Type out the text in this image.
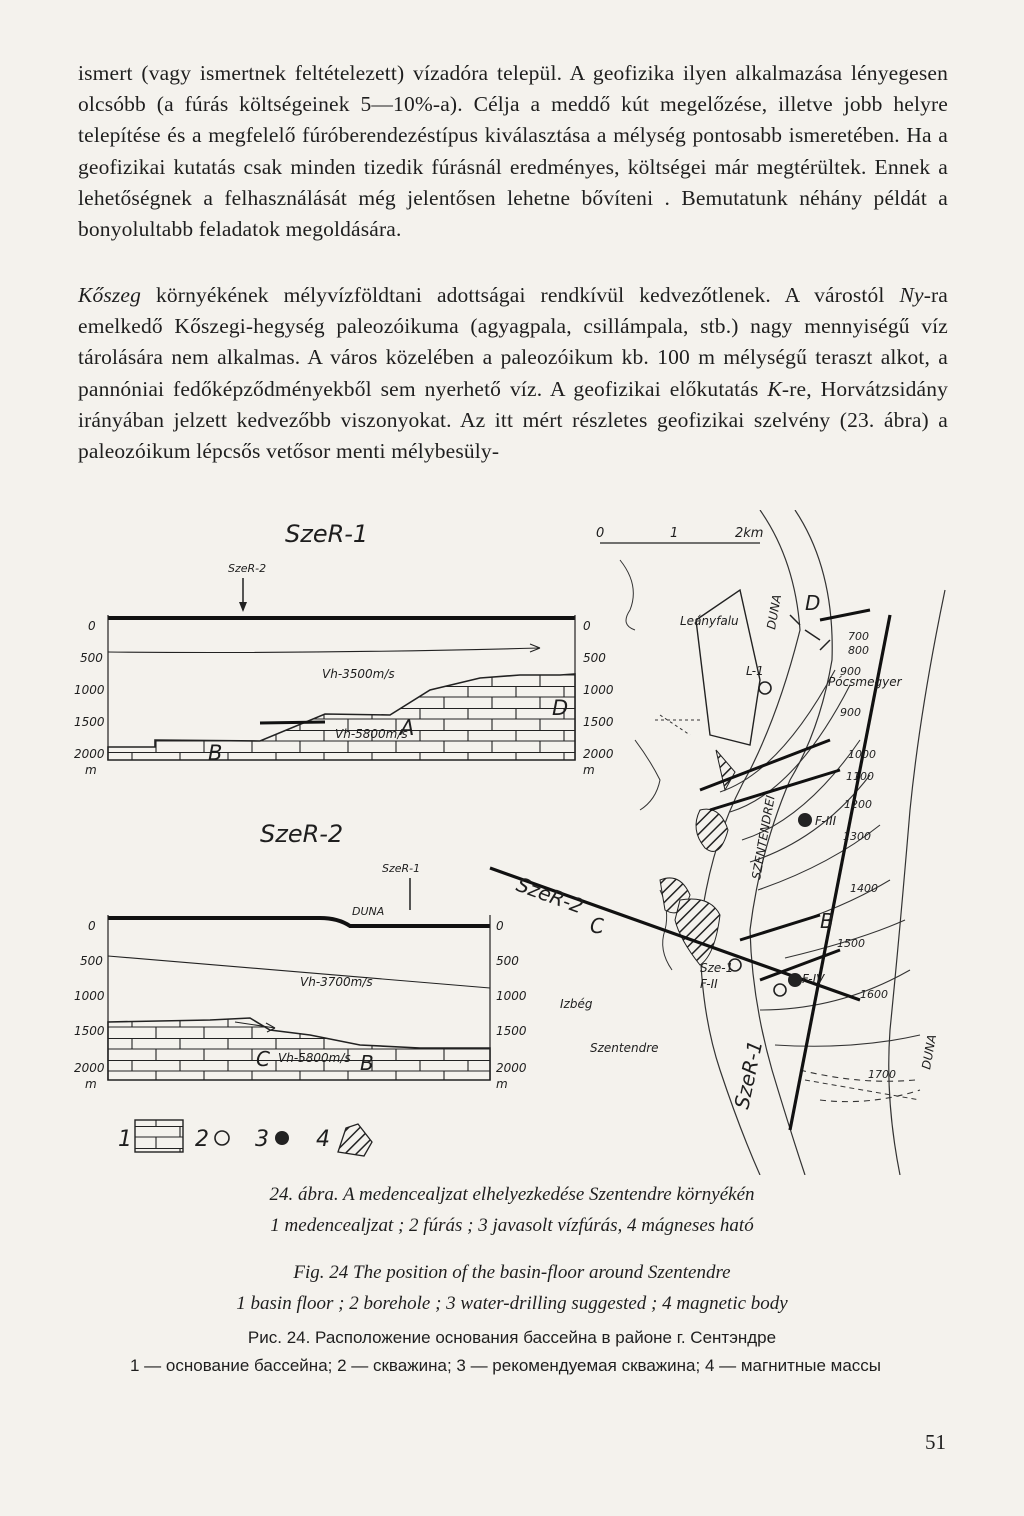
ismert (vagy ismertnek feltételezett) vízadóra települ. A geofizika ilyen alkalmazása lényegesen olcsóbb (a fúrás költségeinek 5—10%-a). Célja a meddő kút megelőzése, illetve jobb helyre telepítése és a megfelelő fúróberendezéstípus kiválasztása a mélység pontosabb ismeretében. Ha a geofizikai kutatás csak minden tizedik fúrásnál eredményes, költségei már megtérültek. Ennek a lehetőségnek a felhasználását még jelentősen lehetne bővíteni . Bemutatunk néhány példát a bonyolultabb feladatok megoldására.

Kőszeg környékének mélyvízföldtani adottságai rendkívül kedvezőtlenek. A várostól Ny-ra emelkedő Kőszegi-hegység paleozóikuma (agyagpala, csillámpala, stb.) nagy mennyiségű víz tárolására nem alkalmas. A város közelében a paleozóikum kb. 100 m mélységű teraszt alkot, a pannóniai fedőképződményekből sem nyerhető víz. A geofizikai előkutatás K-re, Horvátzsidány irányában jelzett kedvezőbb viszonyokat. Az itt mért részletes geofizikai szelvény (23. ábra) a paleozóikum lépcsős vetősor menti mélybesüly-

SzeR-1
SzeR-2
Vh-3500m/s
Vh-5800m/s
A
B
D
0
500
1000
1500
2000
m
0
500
1000
1500
2000
m
SzeR-2
SzeR-1
DUNA
Vh-3700m/s
C Vh-5800m/s B
0
500
1000
1500
2000
m
0
500
1000
1500
2000
m
1	2 3 4
0	1	2km
Leányfalu
Pócsmegyer
Izbég
Szentendre
L-1
F-III
F-IV
F-II
Sze-1
SzeR-2
SzeR-1
D
C	B
DUNA
SZENTENDREI
DUNA
700
800
900
900
1000
1100
1200
1300
1400
1500
1600
1700

24. ábra. A medencealjzat elhelyezkedése Szentendre környékén

1 medencealjzat ; 2 fúrás ; 3 javasolt vízfúrás, 4 mágneses ható

Fig. 24 The position of the basin-floor around Szentendre

1 basin floor ; 2 borehole ; 3 water-drilling suggested ; 4 magnetic body

Рис. 24. Расположение основания бассейна в районе г. Сентэндре

1 — основание бассейна; 2 — скважина; 3 — рекомендуемая скважина; 4 — магнитные массы

51
